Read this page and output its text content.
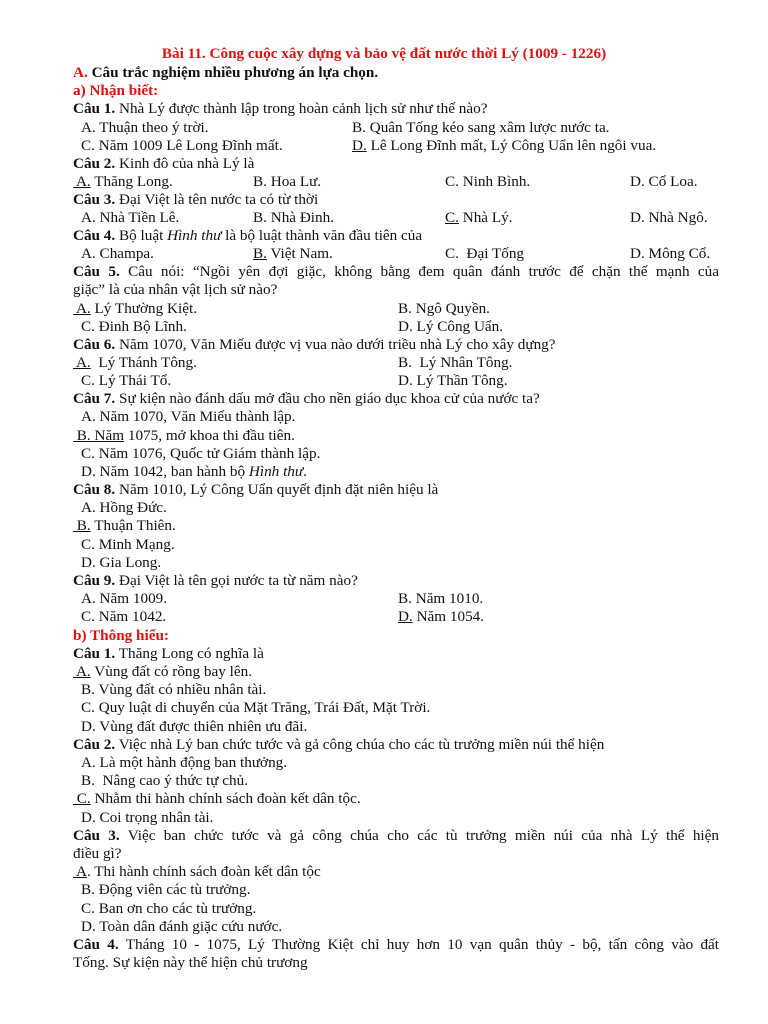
Bài 11. Công cuộc xây dựng và bảo vệ đất nước thời Lý (1009 - 1226)
A. Câu trắc nghiệm nhiều phương án lựa chọn.
a) Nhận biết:
Câu 1. Nhà Lý được thành lập trong hoàn cảnh lịch sử như thế nào?
A. Thuận theo ý trời.	B. Quân Tống kéo sang xâm lược nước ta.
C. Năm 1009 Lê Long Đĩnh mất.	D. Lê Long Đĩnh mất, Lý Công Uẩn lên ngôi vua.
Câu 2. Kinh đô của nhà Lý là
A. Thăng Long.	B. Hoa Lư.	C. Ninh Bình.	D. Cổ Loa.
Câu 3. Đại Việt là tên nước ta có từ thời
A. Nhà Tiền Lê.	B. Nhà Đinh.	C. Nhà Lý.	D. Nhà Ngô.
Câu 4. Bộ luật Hình thư là bộ luật thành văn đầu tiên của
A. Champa.	B. Việt Nam.	C.  Đại Tống	D. Mông Cổ.
Câu 5. Câu nói: “Ngồi yên đợi giặc, không bằng đem quân đánh trước để chặn thế mạnh của
giặc” là của nhân vật lịch sử nào?
A. Lý Thường Kiệt.	B. Ngô Quyền.
C. Đinh Bộ Lĩnh.	D. Lý Công Uẩn.
Câu 6. Năm 1070, Văn Miếu được vị vua nào dưới triều nhà Lý cho xây dựng?
A.  Lý Thánh Tông.	B.  Lý Nhân Tông.
C. Lý Thái Tổ.	D. Lý Thần Tông.
Câu 7. Sự kiện nào đánh dấu mở đầu cho nền giáo dục khoa cử của nước ta?
A. Năm 1070, Văn Miếu thành lập.
B. Năm 1075, mở khoa thi đầu tiên.
C. Năm 1076, Quốc tử Giám thành lập.
D. Năm 1042, ban hành bộ Hình thư.
Câu 8. Năm 1010, Lý Công Uẩn quyết định đặt niên hiệu là
A. Hồng Đức.
B. Thuận Thiên.
C. Minh Mạng.
D. Gia Long.
Câu 9. Đại Việt là tên gọi nước ta từ năm nào?
A. Năm 1009.	B. Năm 1010.
C. Năm 1042.	D. Năm 1054.
b) Thông hiểu:
Câu 1. Thăng Long có nghĩa là
A. Vùng đất có rồng bay lên.
B. Vùng đất có nhiều nhân tài.
C. Quy luật di chuyển của Mặt Trăng, Trái Đất, Mặt Trời.
D. Vùng đất được thiên nhiên ưu đãi.
Câu 2. Việc nhà Lý ban chức tước và gả công chúa cho các tù trưởng miền núi thể hiện
A. Là một hành động ban thưởng.
B.  Nâng cao ý thức tự chủ.
C. Nhằm thi hành chính sách đoàn kết dân tộc.
D. Coi trọng nhân tài.
Câu 3. Việc ban chức tước và gả công chúa cho các tù trưởng miền núi của nhà Lý thể hiện
điều gì?
A. Thi hành chính sách đoàn kết dân tộc
B. Động viên các tù trưởng.
C. Ban ơn cho các tù trưởng.
D. Toàn dân đánh giặc cứu nước.
Câu 4. Tháng 10 - 1075, Lý Thường Kiệt chỉ huy hơn 10 vạn quân thủy - bộ, tấn công vào đất
Tống. Sự kiện này thể hiện chủ trương
